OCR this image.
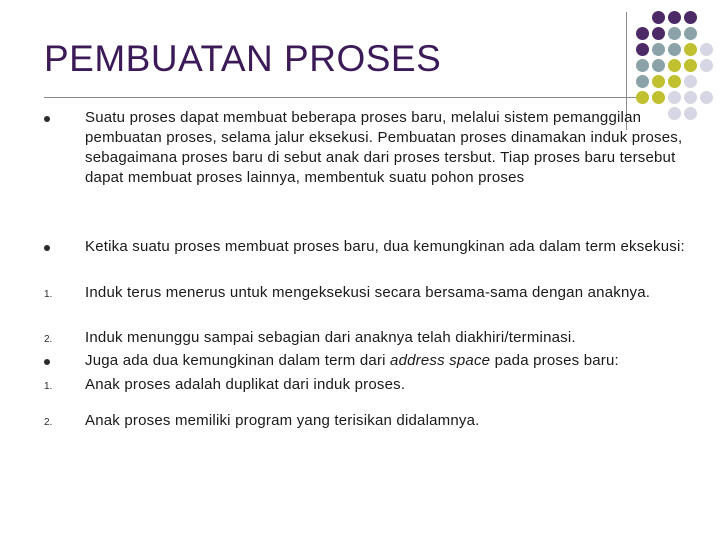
PEMBUATAN PROSES
Suatu proses dapat membuat beberapa proses baru, melalui sistem pemanggilan pembuatan proses, selama jalur eksekusi. Pembuatan proses dinamakan induk proses, sebagaimana proses baru di sebut anak dari proses tersbut. Tiap proses baru tersebut dapat membuat proses lainnya, membentuk suatu pohon proses
Ketika suatu proses membuat proses baru, dua kemungkinan ada dalam term eksekusi:
1.	Induk terus menerus untuk mengeksekusi secara bersama-sama dengan anaknya.
2.	Induk menunggu sampai sebagian dari anaknya telah diakhiri/terminasi.
Juga ada dua kemungkinan dalam term dari address space pada proses baru:
1.	Anak proses adalah duplikat dari induk proses.
2.	Anak proses memiliki program yang terisikan didalamnya.
